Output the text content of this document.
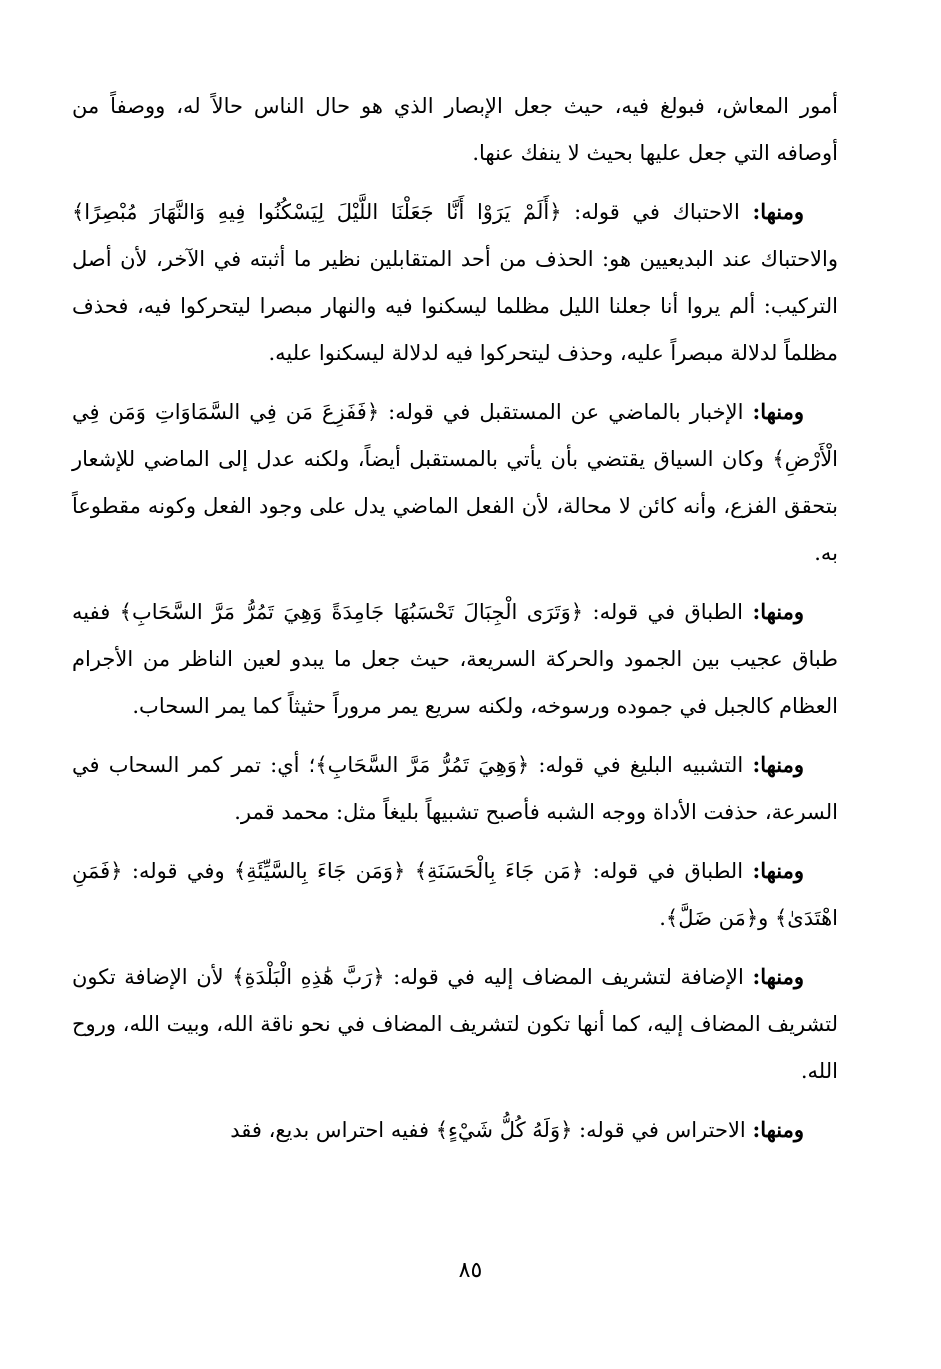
أمور المعاش، فبولغ فيه، حيث جعل الإبصار الذي هو حال الناس حالاً له، ووصفاً من أوصافه التي جعل عليها بحيث لا ينفك عنها.

ومنها: الاحتباك في قوله: ﴿أَلَمْ يَرَوْا أَنَّا جَعَلْنَا اللَّيْلَ لِيَسْكُنُوا فِيهِ وَالنَّهَارَ مُبْصِرًا﴾ والاحتباك عند البديعيين هو: الحذف من أحد المتقابلين نظير ما أثبته في الآخر، لأن أصل التركيب: ألم يروا أنا جعلنا الليل مظلما ليسكنوا فيه والنهار مبصرا ليتحركوا فيه، فحذف مظلماً لدلالة مبصراً عليه، وحذف ليتحركوا فيه لدلالة ليسكنوا عليه.

ومنها: الإخبار بالماضي عن المستقبل في قوله: ﴿فَفَزِعَ مَن فِي السَّمَاوَاتِ وَمَن فِي الْأَرْضِ﴾ وكان السياق يقتضي بأن يأتي بالمستقبل أيضاً، ولكنه عدل إلى الماضي للإشعار بتحقق الفزع، وأنه كائن لا محالة، لأن الفعل الماضي يدل على وجود الفعل وكونه مقطوعاً به.

ومنها: الطباق في قوله: ﴿وَتَرَى الْجِبَالَ تَحْسَبُهَا جَامِدَةً وَهِيَ تَمُرُّ مَرَّ السَّحَابِ﴾ ففيه طباق عجيب بين الجمود والحركة السريعة، حيث جعل ما يبدو لعين الناظر من الأجرام العظام كالجبل في جموده ورسوخه، ولكنه سريع يمر مروراً حثيثاً كما يمر السحاب.

ومنها: التشبيه البليغ في قوله: ﴿وَهِيَ تَمُرُّ مَرَّ السَّحَابِ﴾؛ أي: تمر كمر السحاب في السرعة، حذفت الأداة ووجه الشبه فأصبح تشبيهاً بليغاً مثل: محمد قمر.

ومنها: الطباق في قوله: ﴿مَن جَاءَ بِالْحَسَنَةِ﴾ ﴿وَمَن جَاءَ بِالسَّيِّئَةِ﴾ وفي قوله: ﴿فَمَنِ اهْتَدَىٰ﴾ و﴿مَن ضَلَّ﴾.

ومنها: الإضافة لتشريف المضاف إليه في قوله: ﴿رَبَّ هَٰذِهِ الْبَلْدَةِ﴾ لأن الإضافة تكون لتشريف المضاف إليه، كما أنها تكون لتشريف المضاف في نحو ناقة الله، وبيت الله، وروح الله.

ومنها: الاحتراس في قوله: ﴿وَلَهُ كُلُّ شَيْءٍ﴾ ففيه احتراس بديع، فقد

٨٥
